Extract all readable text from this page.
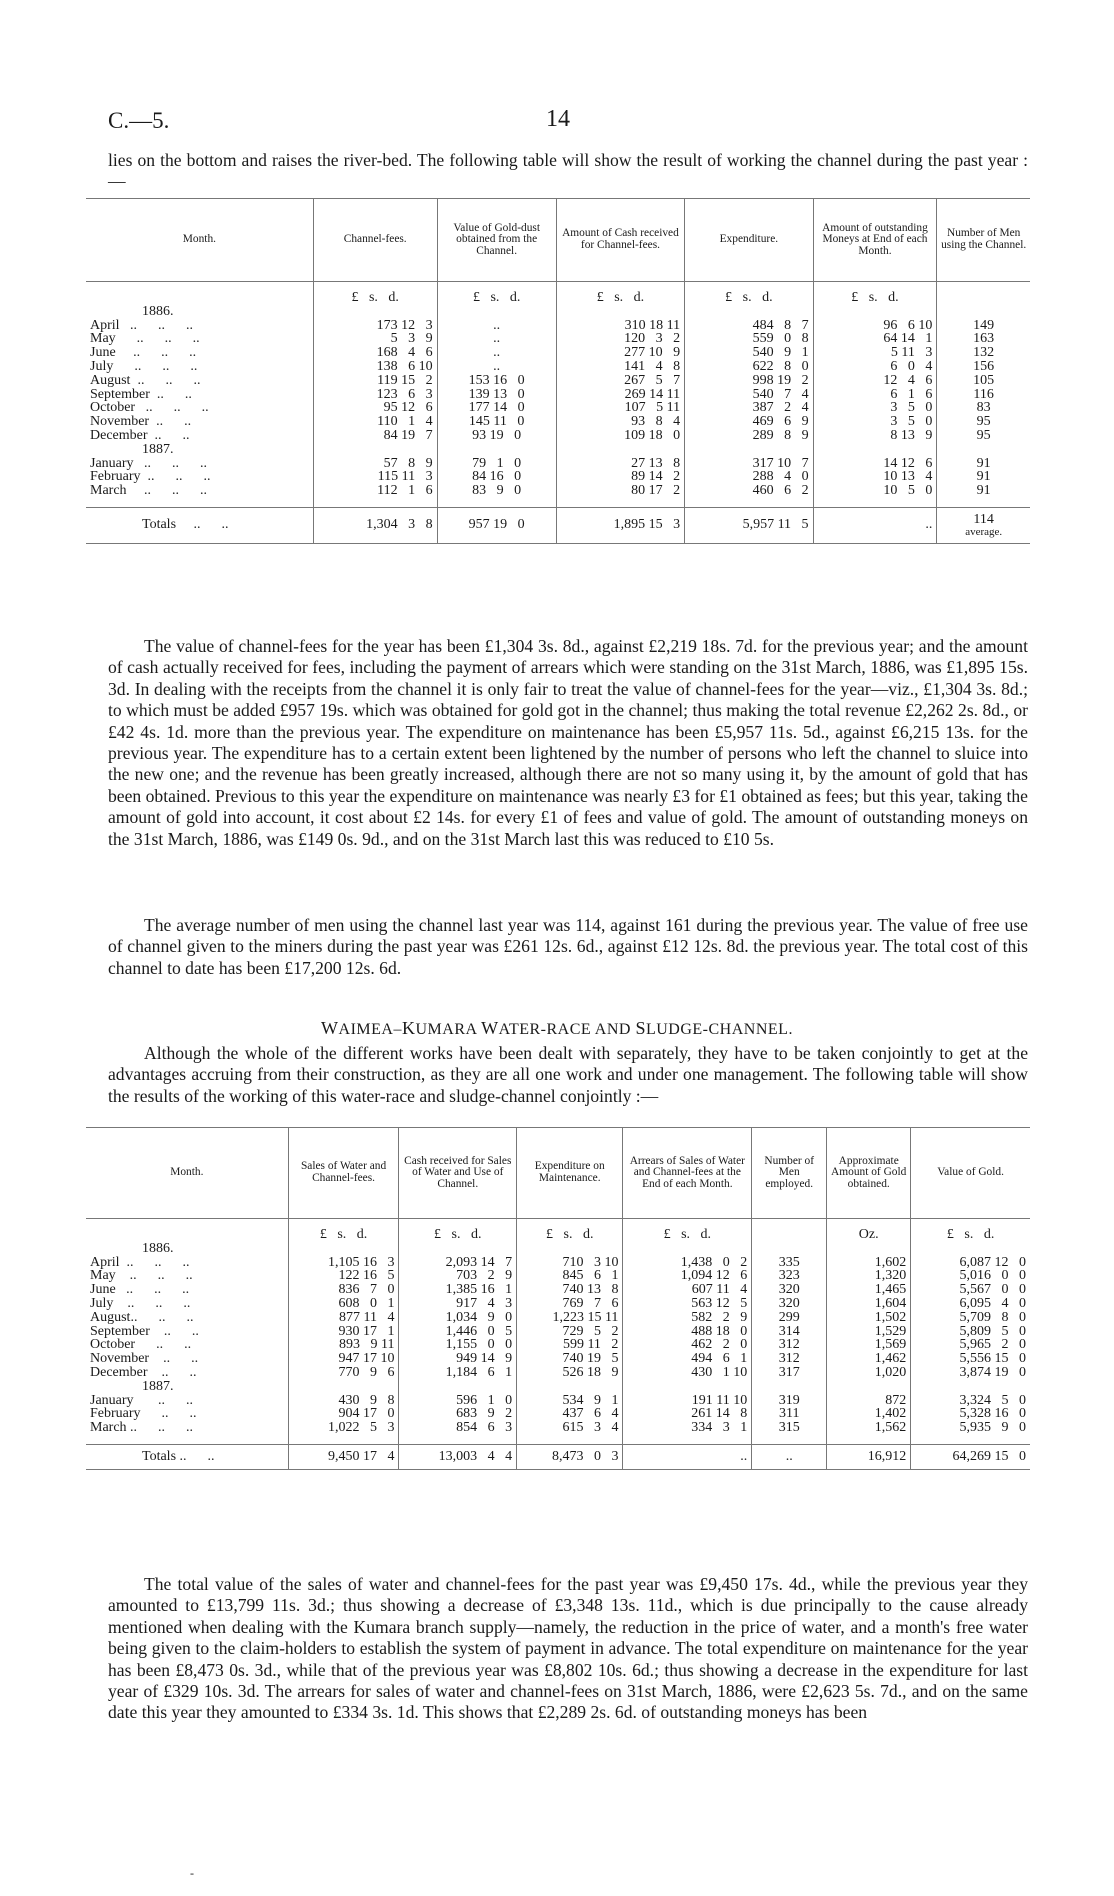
C.—5.	14

lies on the bottom and raises the river-bed. The following table will show the result of working the channel during the past year :—

Month.	Channel-fees.	Value of Gold-dust obtained from the Channel.	Amount of Cash received for Channel-fees.	Expenditure.	Amount of outstanding Moneys at End of each Month.	Number of Men using the Channel.

	£   s.   d.	£   s.   d.	£   s.   d.	£   s.   d.	£   s.   d.	
1886.						
April   ..      ..      ..	173 12   3	..	310 18 11	484   8   7	96   6 10	149
May      ..      ..      ..	5   3   9	..	120   3   2	559   0   8	64 14   1	163
June     ..      ..      ..	168   4   6	..	277 10   9	540   9   1	5 11   3	132
July      ..      ..      ..	138   6 10	..	141   4   8	622   8   0	6   0   4	156
August  ..      ..      ..	119 15   2	153 16   0	267   5   7	998 19   2	12   4   6	105
September  ..      ..	123   6   3	139 13   0	269 14 11	540   7   4	6   1   6	116
October   ..      ..      ..	95 12   6	177 14   0	107   5 11	387   2   4	3   5   0	83
November  ..      ..	110   1   4	145 11   0	93   8   4	469   6   9	3   5   0	95
December  ..      ..	84 19   7	93 19   0	109 18   0	289   8   9	8 13   9	95
1887.						
January   ..      ..      ..	57   8   9	79   1   0	27 13   8	317 10   7	14 12   6	91
February  ..      ..      ..	115 11   3	84 16   0	89 14   2	288   4   0	10 13   4	91
March     ..      ..      ..	112   1   6	83   9   0	80 17   2	460   6   2	10   5   0	91

Totals     ..      ..	1,304   3   8	957 19   0	1,895 15   3	5,957 11   5	..	114
average.

The value of channel-fees for the year has been £1,304 3s. 8d., against £2,219 18s. 7d. for the previous year; and the amount of cash actually received for fees, including the payment of arrears which were standing on the 31st March, 1886, was £1,895 15s. 3d. In dealing with the receipts from the channel it is only fair to treat the value of channel-fees for the year—viz., £1,304 3s. 8d.; to which must be added £957 19s. which was obtained for gold got in the channel; thus making the total revenue £2,262 2s. 8d., or £42 4s. 1d. more than the previous year. The expenditure on maintenance has been £5,957 11s. 5d., against £6,215 13s. for the previous year. The expenditure has to a certain extent been lightened by the number of persons who left the channel to sluice into the new one; and the revenue has been greatly increased, although there are not so many using it, by the amount of gold that has been obtained. Previous to this year the expenditure on maintenance was nearly £3 for £1 obtained as fees; but this year, taking the amount of gold into account, it cost about £2 14s. for every £1 of fees and value of gold. The amount of outstanding moneys on the 31st March, 1886, was £149 0s. 9d., and on the 31st March last this was reduced to £10 5s.

The average number of men using the channel last year was 114, against 161 during the previous year. The value of free use of channel given to the miners during the past year was £261 12s. 6d., against £12 12s. 8d. the previous year. The total cost of this channel to date has been £17,200 12s. 6d.

WAIMEA–KUMARA WATER-RACE AND SLUDGE-CHANNEL.

Although the whole of the different works have been dealt with separately, they have to be taken conjointly to get at the advantages accruing from their construction, as they are all one work and under one management. The following table will show the results of the working of this water-race and sludge-channel conjointly :—

Month.	Sales of Water and Channel-fees.	Cash received for Sales of Water and Use of Channel.	Expenditure on Maintenance.	Arrears of Sales of Water and Channel-fees at the End of each Month.	Number of Men employed.	Approximate Amount of Gold obtained.	Value of Gold.

	£   s.   d.	£   s.   d.	£   s.   d.	£   s.   d.		Oz.	£   s.   d.
1886.							
April  ..      ..      ..	1,105 16   3	2,093 14   7	710   3 10	1,438   0   2	335	1,602	6,087 12   0
May    ..      ..      ..	122 16   5	703   2   9	845   6   1	1,094 12   6	323	1,320	5,016   0   0
June   ..      ..      ..	836   7   0	1,385 16   1	740 13   8	607 11   4	320	1,465	5,567   0   0
July    ..      ..      ..	608   0   1	917   4   3	769   7   6	563 12   5	320	1,604	6,095   4   0
August..      ..      ..	877 11   4	1,034   9   0	1,223 15 11	582   2   9	299	1,502	5,709   8   0
September    ..      ..	930 17   1	1,446   0   5	729   5   2	488 18   0	314	1,529	5,809   5   0
October      ..      ..	893   9 11	1,155   0   0	599 11   2	462   2   0	312	1,569	5,965   2   0
November    ..      ..	947 17 10	949 14   9	740 19   5	494   6   1	312	1,462	5,556 15   0
December    ..      ..	770   9   6	1,184   6   1	526 18   9	430   1 10	317	1,020	3,874 19   0
1887.							
January       ..      ..	430   9   8	596   1   0	534   9   1	191 11 10	319	872	3,324   5   0
February      ..      ..	904 17   0	683   9   2	437   6   4	261 14   8	311	1,402	5,328 16   0
March ..      ..      ..	1,022   5   3	854   6   3	615   3   4	334   3   1	315	1,562	5,935   9   0

Totals ..      ..	9,450 17   4	13,003   4   4	8,473   0   3	..	..	16,912	64,269 15   0

The total value of the sales of water and channel-fees for the past year was £9,450 17s. 4d., while the previous year they amounted to £13,799 11s. 3d.; thus showing a decrease of £3,348 13s. 11d., which is due principally to the cause already mentioned when dealing with the Kumara branch supply—namely, the reduction in the price of water, and a month's free water being given to the claim-holders to establish the system of payment in advance. The total expenditure on maintenance for the year has been £8,473 0s. 3d., while that of the previous year was £8,802 10s. 6d.; thus showing a decrease in the expenditure for last year of £329 10s. 3d. The arrears for sales of water and channel-fees on 31st March, 1886, were £2,623 5s. 7d., and on the same date this year they amounted to £334 3s. 1d. This shows that £2,289 2s. 6d. of outstanding moneys has been

-
